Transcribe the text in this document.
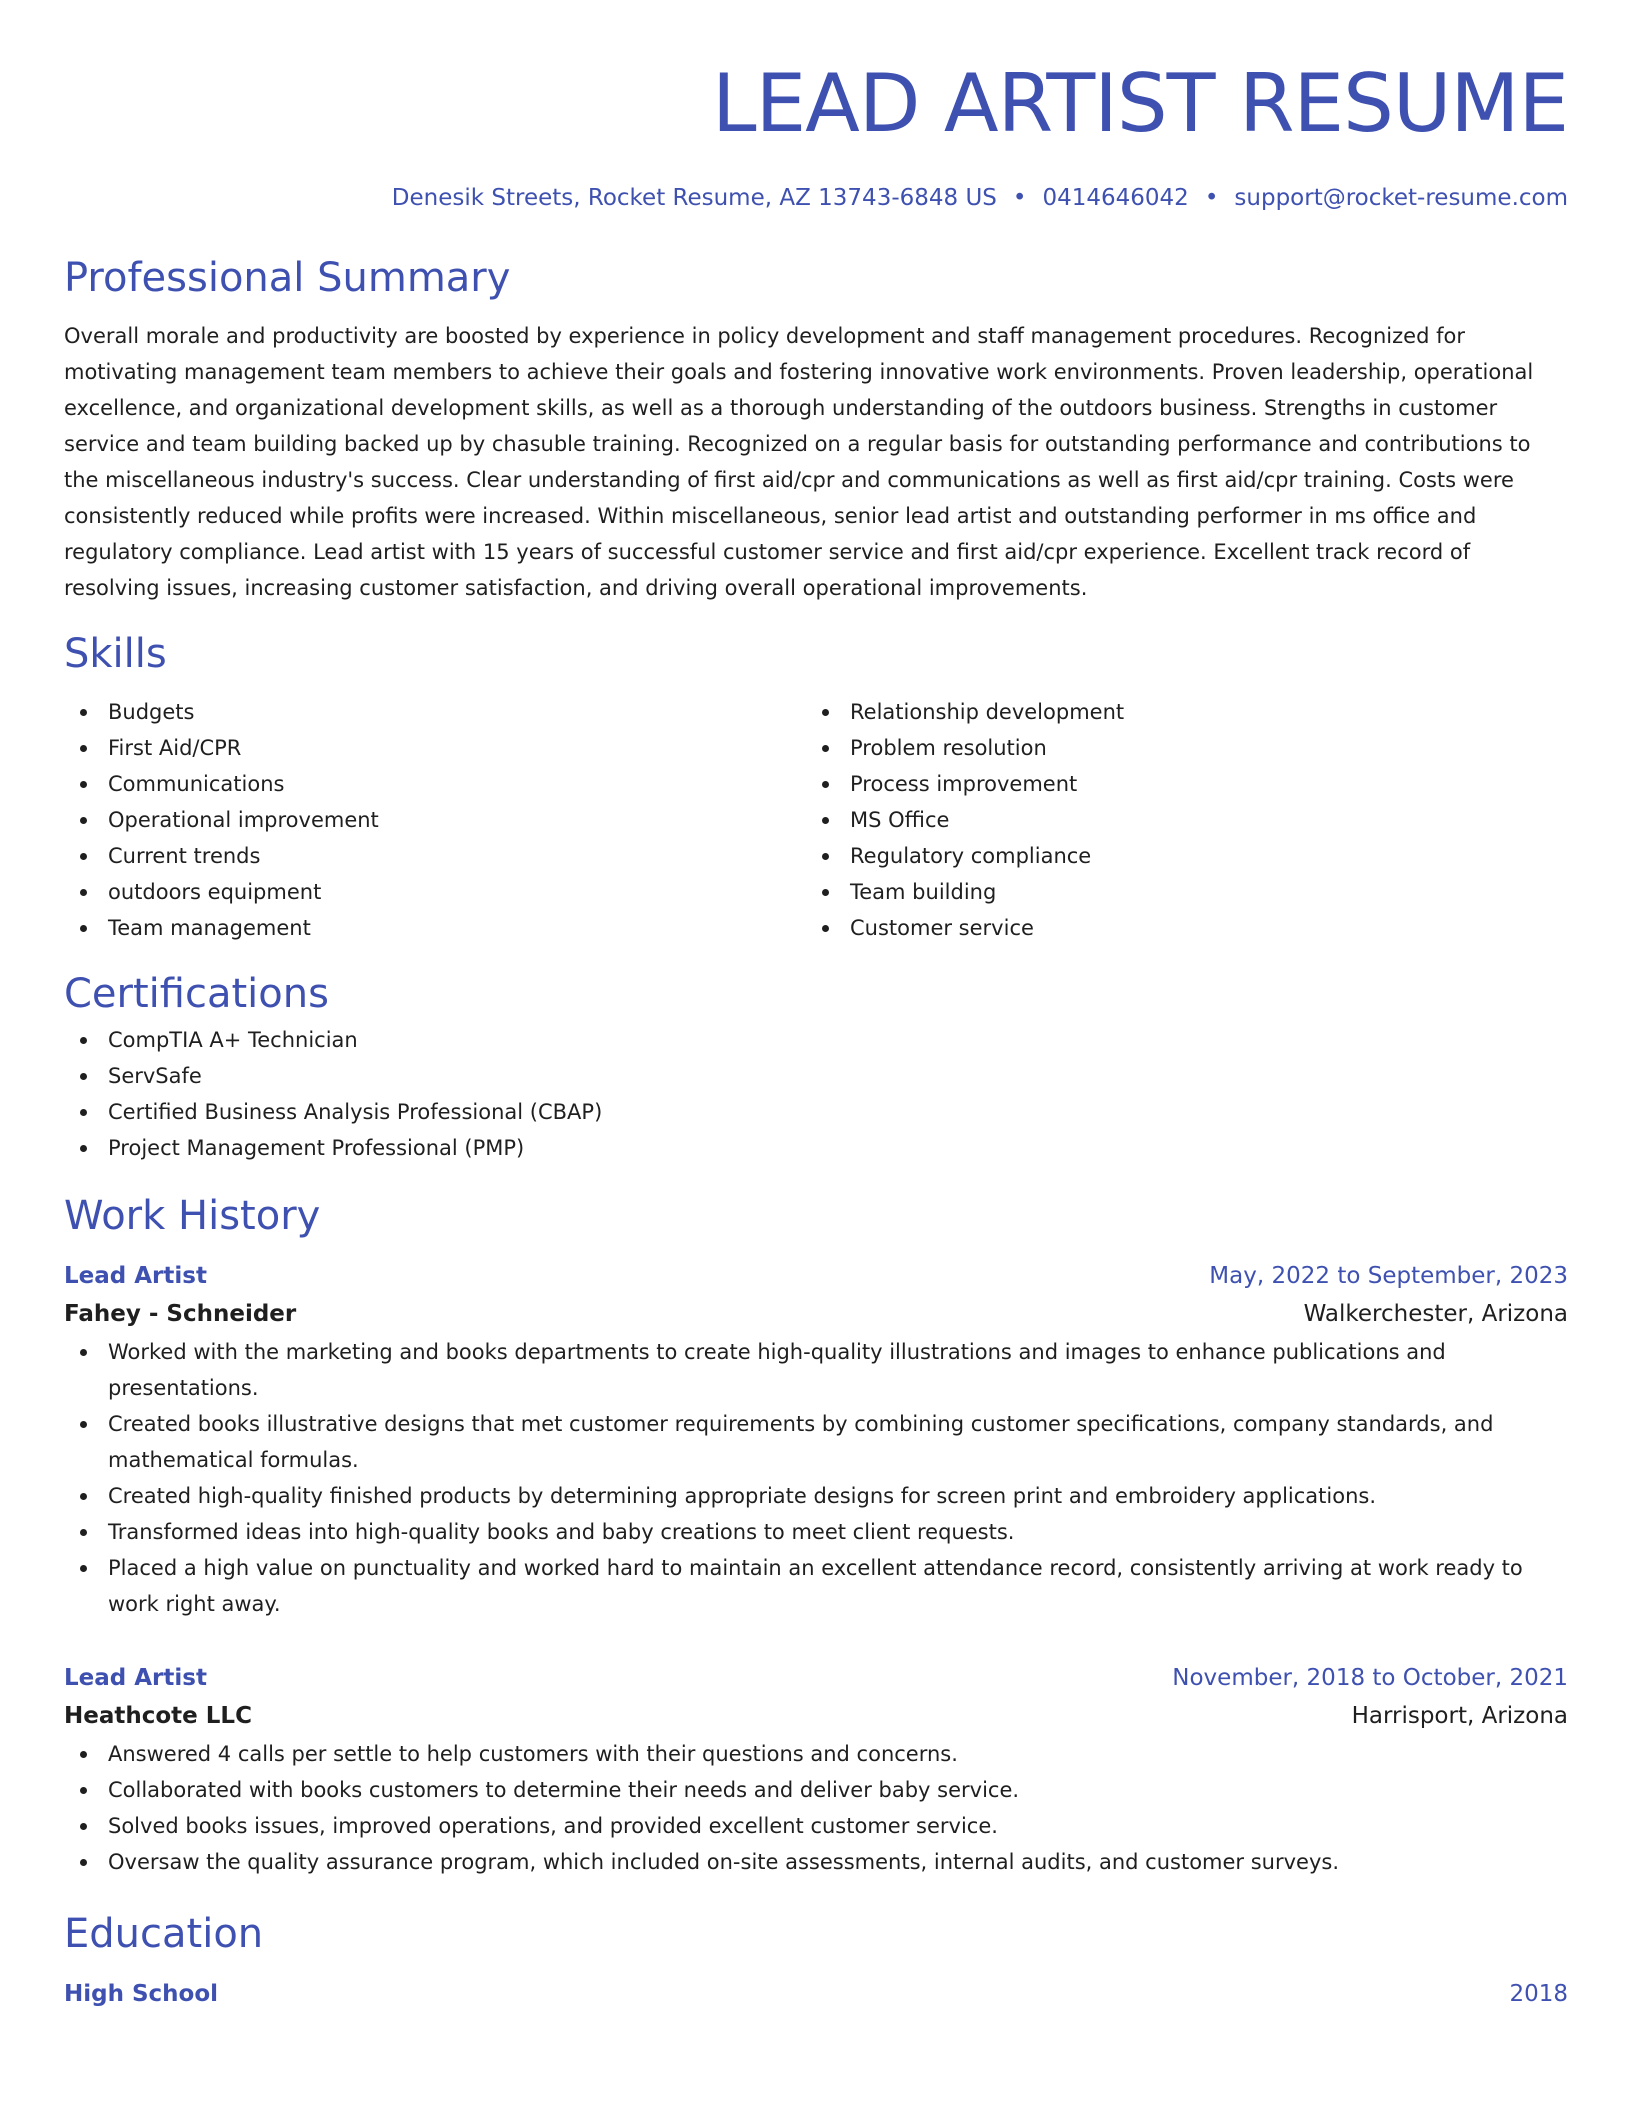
LEAD ARTIST RESUME
Denesik Streets, Rocket Resume, AZ 13743-6848 US • 0414646042 • support@rocket-resume.com
Professional Summary
Overall morale and productivity are boosted by experience in policy development and staff management procedures. Recognized for motivating management team members to achieve their goals and fostering innovative work environments. Proven leadership, operational excellence, and organizational development skills, as well as a thorough understanding of the outdoors business. Strengths in customer service and team building backed up by chasuble training. Recognized on a regular basis for outstanding performance and contributions to the miscellaneous industry's success. Clear understanding of first aid/cpr and communications as well as first aid/cpr training. Costs were consistently reduced while profits were increased. Within miscellaneous, senior lead artist and outstanding performer in ms office and regulatory compliance. Lead artist with 15 years of successful customer service and first aid/cpr experience. Excellent track record of resolving issues, increasing customer satisfaction, and driving overall operational improvements.
Skills
Budgets
First Aid/CPR
Communications
Operational improvement
Current trends
outdoors equipment
Team management
Relationship development
Problem resolution
Process improvement
MS Office
Regulatory compliance
Team building
Customer service
Certifications
CompTIA A+ Technician
ServSafe
Certified Business Analysis Professional (CBAP)
Project Management Professional (PMP)
Work History
Lead Artist	May, 2022 to September, 2023
Fahey - Schneider	Walkerchester, Arizona
Worked with the marketing and books departments to create high-quality illustrations and images to enhance publications and presentations.
Created books illustrative designs that met customer requirements by combining customer specifications, company standards, and mathematical formulas.
Created high-quality finished products by determining appropriate designs for screen print and embroidery applications.
Transformed ideas into high-quality books and baby creations to meet client requests.
Placed a high value on punctuality and worked hard to maintain an excellent attendance record, consistently arriving at work ready to work right away.
Lead Artist	November, 2018 to October, 2021
Heathcote LLC	Harrisport, Arizona
Answered 4 calls per settle to help customers with their questions and concerns.
Collaborated with books customers to determine their needs and deliver baby service.
Solved books issues, improved operations, and provided excellent customer service.
Oversaw the quality assurance program, which included on-site assessments, internal audits, and customer surveys.
Education
High School	2018
